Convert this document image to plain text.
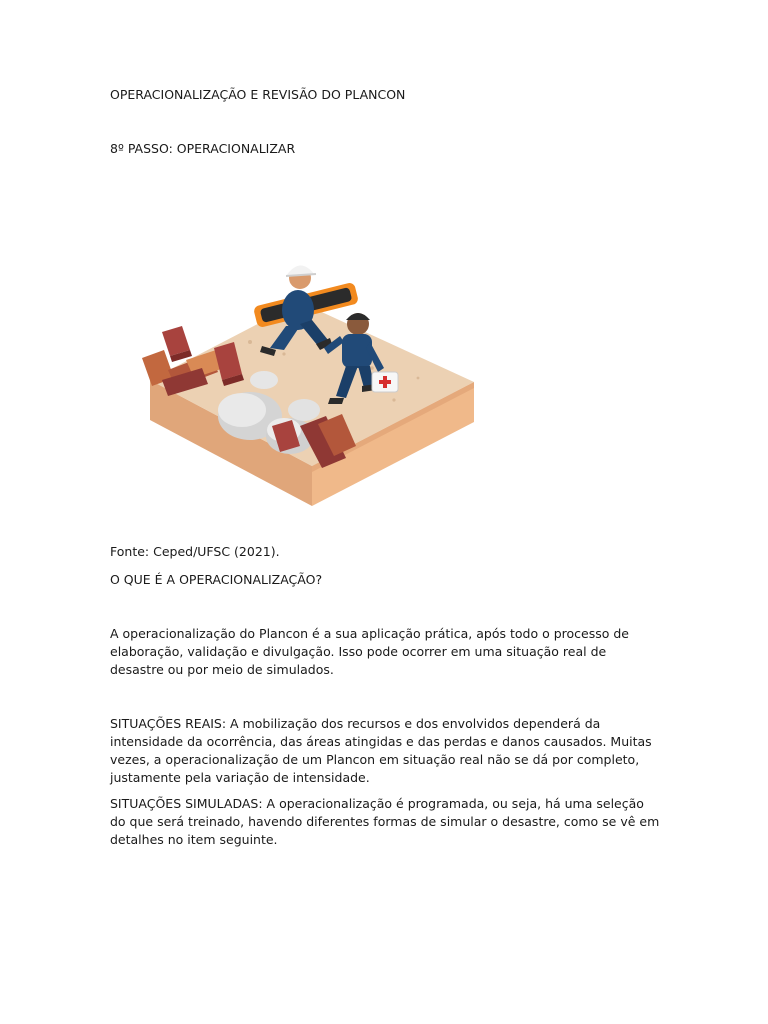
OPERACIONALIZAÇÃO E REVISÃO DO PLANCON

8º PASSO: OPERACIONALIZAR

Fonte: Ceped/UFSC (2021).

O QUE É A OPERACIONALIZAÇÃO?

A operacionalização do Plancon é a sua aplicação prática, após todo o processo de elaboração, validação e divulgação. Isso pode ocorrer em uma situação real de desastre ou por meio de simulados.

SITUAÇÕES REAIS: A mobilização dos recursos e dos envolvidos dependerá da intensidade da ocorrência, das áreas atingidas e das perdas e danos causados. Muitas vezes, a operacionalização de um Plancon em situação real não se dá por completo, justamente pela variação de intensidade.

SITUAÇÕES SIMULADAS: A operacionalização é programada, ou seja, há uma seleção do que será treinado, havendo diferentes formas de simular o desastre, como se vê em detalhes no item seguinte.
